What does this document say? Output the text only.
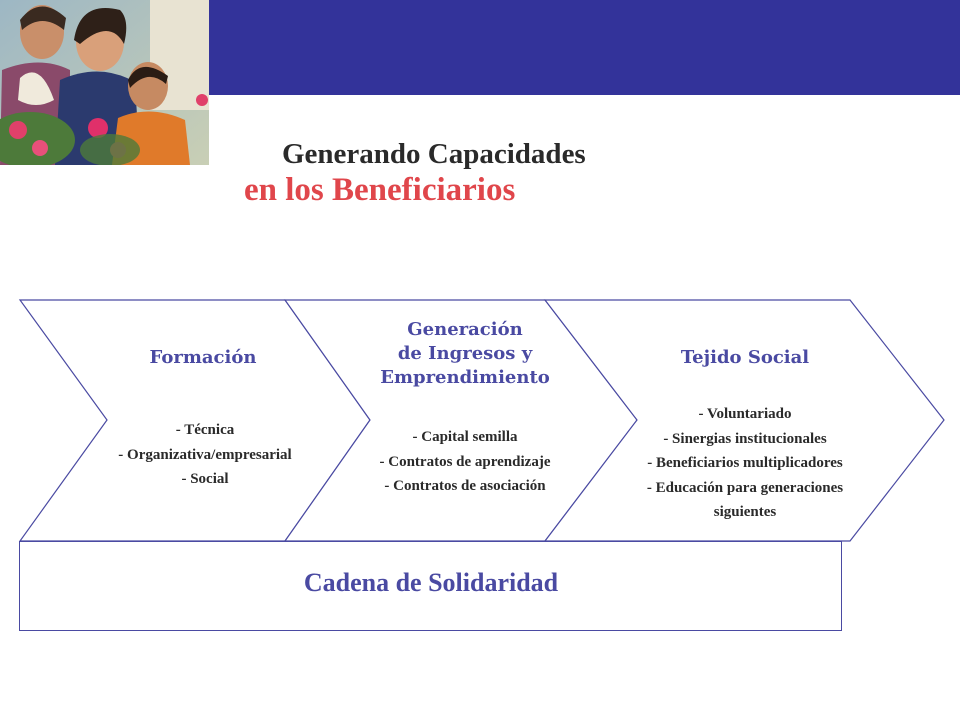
Generando Capacidades
en los Beneficiarios
Formación
- Técnica
- Organizativa/empresarial
- Social
Generación
de Ingresos y
Emprendimiento
- Capital semilla
- Contratos de aprendizaje
- Contratos de asociación
Tejido Social
- Voluntariado
- Sinergias institucionales
- Beneficiarios multiplicadores
- Educación para generaciones
siguientes
Cadena de Solidaridad
